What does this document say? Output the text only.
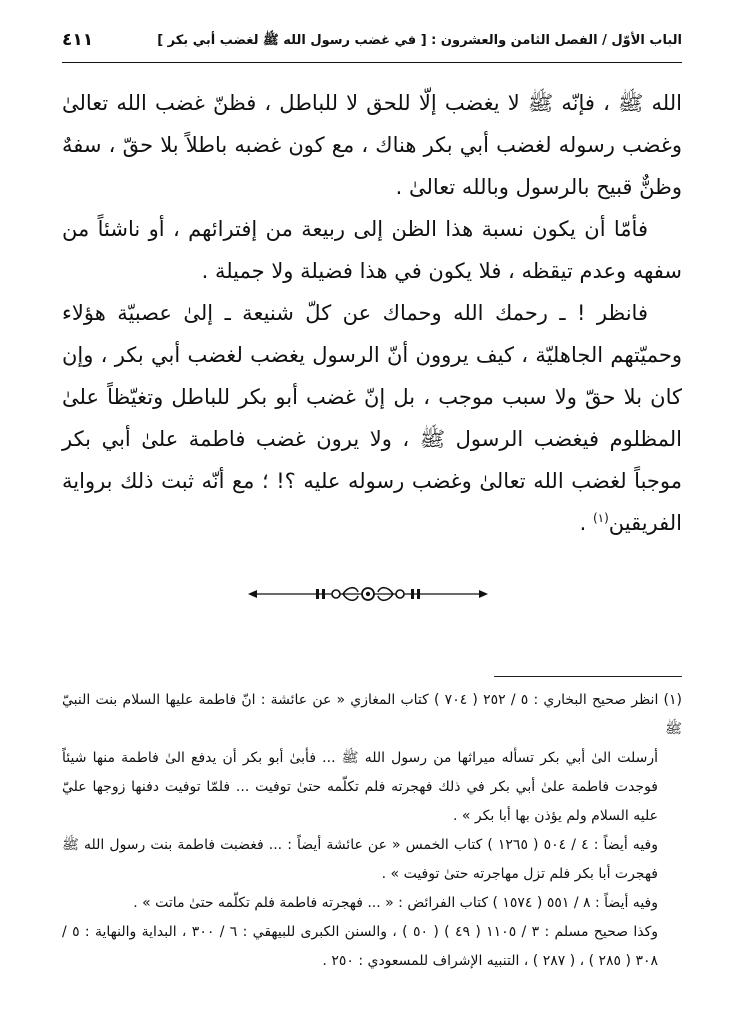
الباب الأوّل / الفصل الثامن والعشرون : [ في غضب رسول الله ﷺ لغضب أبي بكر ]
٤١١

الله ﷺ ، فإنّه ﷺ لا يغضب إلّا للحق لا للباطل ، فظنّ غضب الله تعالىٰ وغضب رسوله لغضب أبي بكر هناك ، مع كون غضبه باطلاً بلا حقّ ، سفهٌ وظنٌّ قبيح بالرسول وبالله تعالىٰ .

فأمّا أن يكون نسبة هذا الظن إلى ربيعة من إفترائهم ، أو ناشئاً من سفهه وعدم تيقظه ، فلا يكون في هذا فضيلة ولا جميلة .

فانظر ! ـ رحمك الله وحماك عن كلّ شنيعة ـ إلىٰ عصبيّة هؤلاء وحميّتهم الجاهليّة ، كيف يروون أنّ الرسول يغضب لغضب أبي بكر ، وإن كان بلا حقّ ولا سبب موجب ، بل إنّ غضب أبو بكر للباطل وتغيّظاً علىٰ المظلوم فيغضب الرسول ﷺ ، ولا يرون غضب فاطمة علىٰ أبي بكر موجباً لغضب الله تعالىٰ وغضب رسوله عليه ؟! ؛ مع أنّه ثبت ذلك برواية الفريقين$^{(١)}$ .

(١) انظر صحيح البخاري : ٥ / ٢٥٢ ( ٧٠٤ ) كتاب المغازي « عن عائشة : انّ فاطمة عليها السلام بنت النبيّ ﷺ

أرسلت الىٰ أبي بكر تسأله ميراثها من رسول الله ﷺ ... فأبىٰ أبو بكر أن يدفع الىٰ فاطمة منها شيئاً فوجدت فاطمة علىٰ أبي بكر في ذلك فهجرته فلم تكلّمه حتىٰ توفيت ... فلمّا توفيت دفنها زوجها عليّ عليه السلام ولم يؤذن بها أبا بكر » .

وفيه أيضاً : ٤ / ٥٠٤ ( ١٢٦٥ ) كتاب الخمس « عن عائشة أيضاً : ... فغضبت فاطمة بنت رسول الله ﷺ فهجرت أبا بكر فلم تزل مهاجرته حتىٰ توفيت » .

وفيه أيضاً : ٨ / ٥٥١ ( ١٥٧٤ ) كتاب الفرائض : « ... فهجرته فاطمة فلم تكلّمه حتىٰ ماتت » .

وكذا صحيح مسلم : ٣ / ١١٠٥ ( ٤٩ ) ( ٥٠ ) ، والسنن الكبرى للبيهقي : ٦ / ٣٠٠ ، البداية والنهاية : ٥ / ٣٠٨ ( ٢٨٥ ) ، ( ٢٨٧ ) ، التنبيه الإشراف للمسعودي : ٢٥٠ .
